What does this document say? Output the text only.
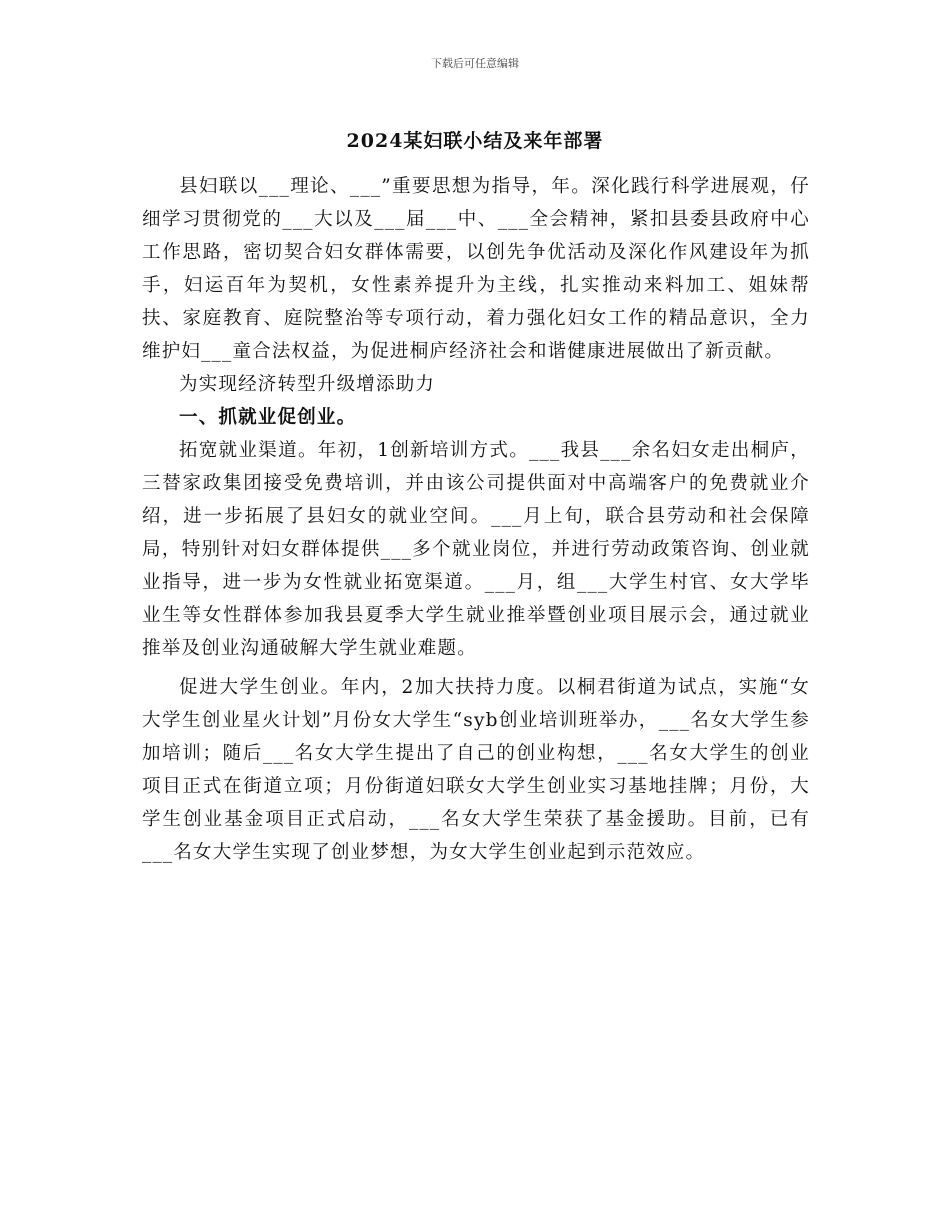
下载后可任意编辑
2024某妇联小结及来年部署

县妇联以___理论、___”重要思想为指导，年。深化践行科学进展观，仔细学习贯彻党的___大以及___届___中、___全会精神，紧扣县委县政府中心工作思路，密切契合妇女群体需要，以创先争优活动及深化作风建设年为抓手，妇运百年为契机，女性素养提升为主线，扎实推动来料加工、姐妹帮扶、家庭教育、庭院整治等专项行动，着力强化妇女工作的精品意识，全力维护妇___童合法权益，为促进桐庐经济社会和谐健康进展做出了新贡献。

为实现经济转型升级增添助力

一、抓就业促创业。

拓宽就业渠道。年初，1创新培训方式。___我县___余名妇女走出桐庐，三替家政集团接受免费培训，并由该公司提供面对中高端客户的免费就业介绍，进一步拓展了县妇女的就业空间。___月上旬，联合县劳动和社会保障局，特别针对妇女群体提供___多个就业岗位，并进行劳动政策咨询、创业就业指导，进一步为女性就业拓宽渠道。___月，组___大学生村官、女大学毕业生等女性群体参加我县夏季大学生就业推举暨创业项目展示会，通过就业推举及创业沟通破解大学生就业难题。

促进大学生创业。年内，2加大扶持力度。以桐君街道为试点，实施“女大学生创业星火计划”月份女大学生“syb创业培训班举办，___名女大学生参加培训；随后___名女大学生提出了自己的创业构想，___名女大学生的创业项目正式在街道立项；月份街道妇联女大学生创业实习基地挂牌；月份，大学生创业基金项目正式启动，___名女大学生荣获了基金援助。目前，已有___名女大学生实现了创业梦想，为女大学生创业起到示范效应。
